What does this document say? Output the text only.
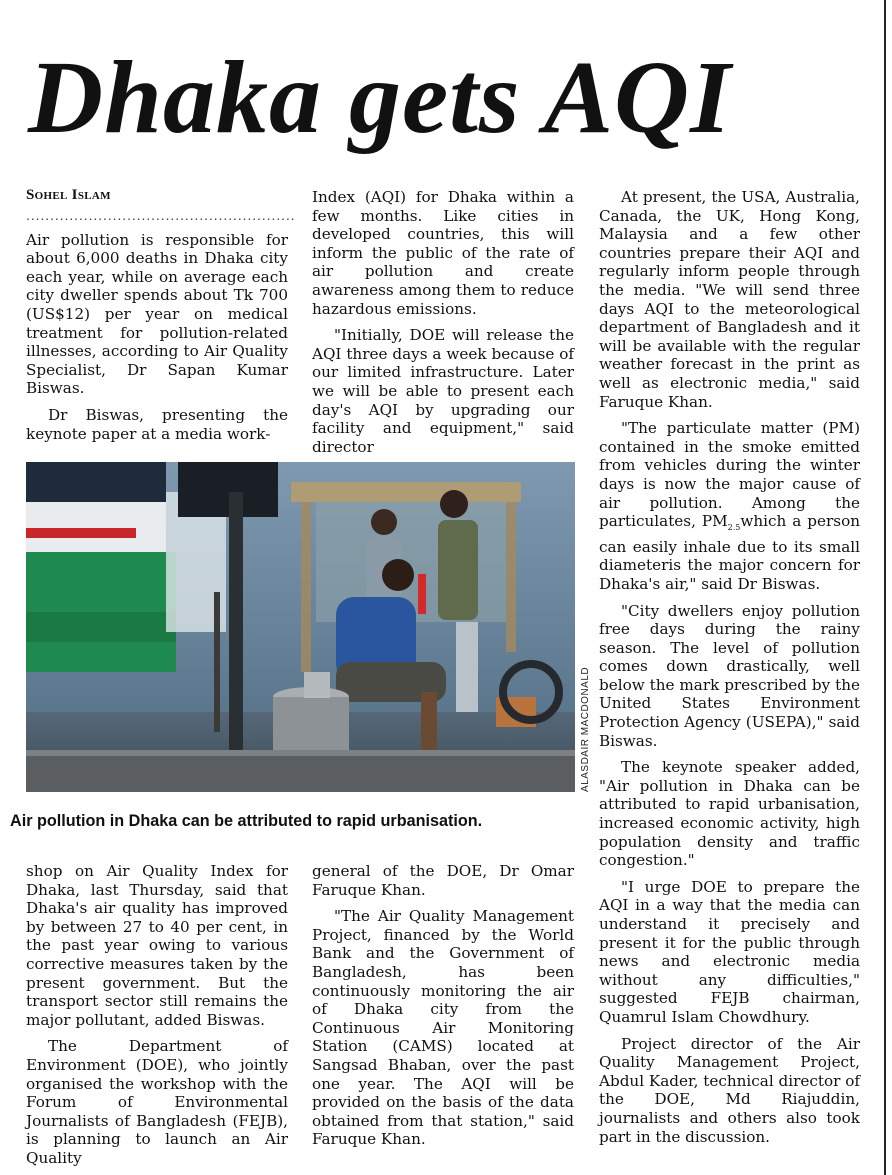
Dhaka gets AQI
Sohel Islam
........................................................

Air pollution is responsible for about 6,000 deaths in Dhaka city each year, while on average each city dweller spends about Tk 700 (US$12) per year on medical treatment for pollution-related illnesses, according to Air Quality Specialist, Dr Sapan Kumar Biswas.

Dr Biswas, presenting the keynote paper at a media work-

Index (AQI) for Dhaka within a few months. Like cities in developed countries, this will inform the public of the rate of air pollution and create awareness among them to reduce hazardous emissions.

"Initially, DOE will release the AQI three days a week because of our limited infrastructure. Later we will be able to present each day's AQI by upgrading our facility and equipment," said director

At present, the USA, Australia, Canada, the UK, Hong Kong, Malaysia and a few other countries prepare their AQI and regularly inform people through the media. "We will send three days AQI to the meteorological department of Bangladesh and it will be available with the regular weather forecast in the print as well as electronic media," said Faruque Khan.

"The particulate matter (PM) contained in the smoke emitted from vehicles during the winter days is now the major cause of air pollution. Among the particulates, $PM_{2.5}which$ a person can easily inhale due to its small diameteris the major concern for Dhaka's air," said Dr Biswas.

"City dwellers enjoy pollution free days during the rainy season. The level of pollution comes down drastically, well below the mark prescribed by the United States Environment Protection Agency (USEPA)," said Biswas.

The keynote speaker added, "Air pollution in Dhaka can be attributed to rapid urbanisation, increased economic activity, high population density and traffic congestion."

"I urge DOE to prepare the AQI in a way that the media can understand it precisely and present it for the public through news and electronic media without any difficulties," suggested FEJB chairman, Quamrul Islam Chowdhury.

Project director of the Air Quality Management Project, Abdul Kader, technical director of the DOE, Md Riajuddin, journalists and others also took part in the discussion.

ALASDAIR MACDONALD
Air pollution in Dhaka can be attributed to rapid urbanisation.

shop on Air Quality Index for Dhaka, last Thursday, said that Dhaka's air quality has improved by between 27 to 40 per cent, in the past year owing to various corrective measures taken by the present government. But the transport sector still remains the major pollutant, added Biswas.

The Department of Environment (DOE), who jointly organised the workshop with the Forum of Environmental Journalists of Bangladesh (FEJB), is planning to launch an Air Quality

general of the DOE, Dr Omar Faruque Khan.

"The Air Quality Management Project, financed by the World Bank and the Government of Bangladesh, has been continuously monitoring the air of Dhaka city from the Continuous Air Monitoring Station (CAMS) located at Sangsad Bhaban, over the past one year. The AQI will be provided on the basis of the data obtained from that station," said Faruque Khan.
